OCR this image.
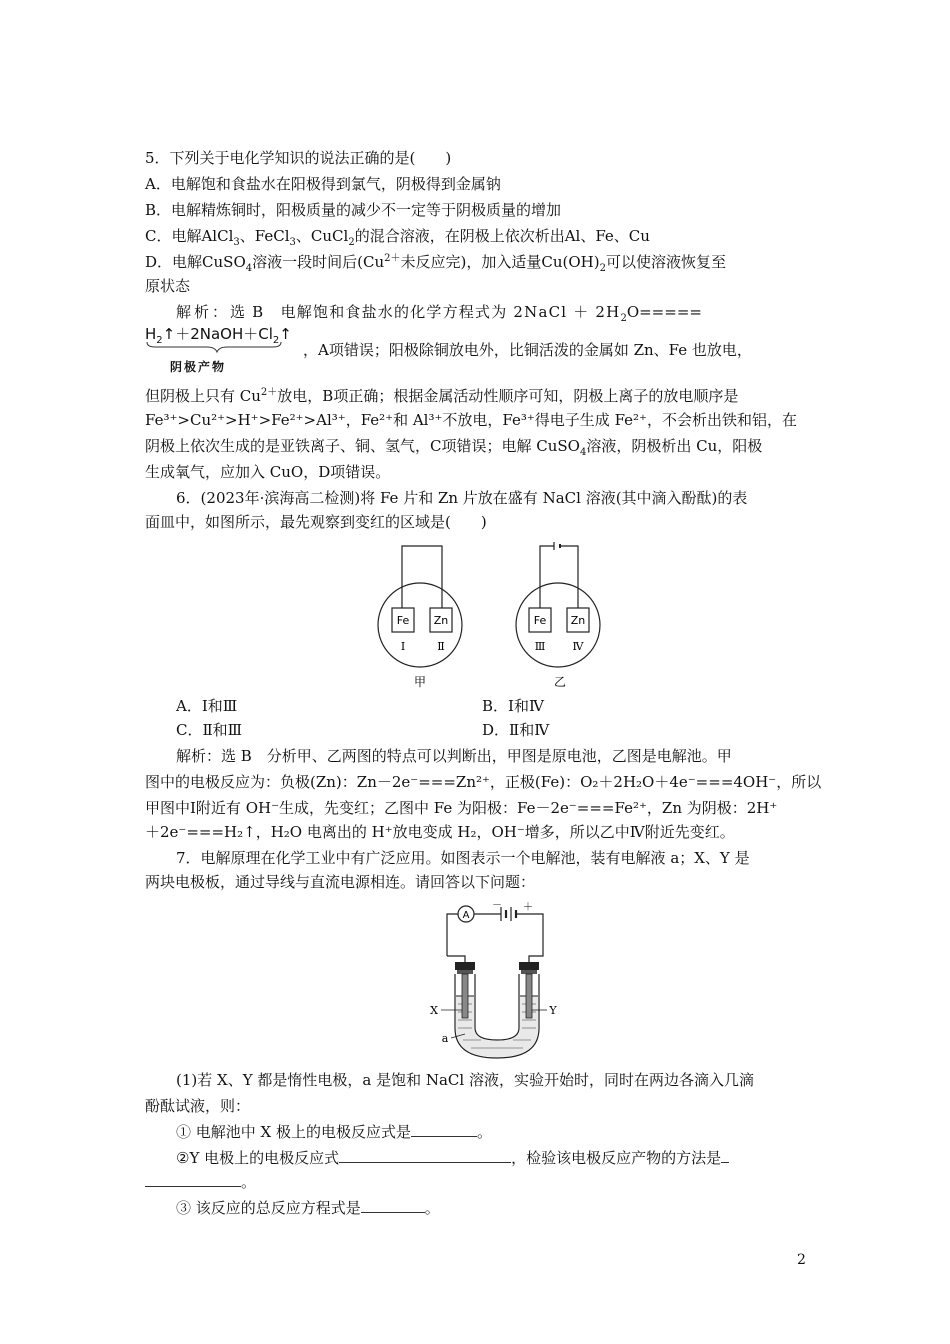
5．下列关于电化学知识的说法正确的是(　　)
A．电解饱和食盐水在阳极得到氯气，阴极得到金属钠
B．电解精炼铜时，阳极质量的减少不一定等于阴极质量的增加
C．电解AlCl$_3$、FeCl$_3$、CuCl$_2$的混合溶液，在阴极上依次析出Al、Fe、Cu
D．电解CuSO$_4$溶液一段时间后($Cu^{2+}$未反应完)，加入适量$Cu(OH)_2$可以使溶液恢复至
原状态
解析：选 B　电解饱和食盐水的化学方程式为 2NaCl ＋ $2H_2O=====$
$H_2↑+2NaOH+Cl_2↑$
阴极产物
，A项错误；阳极除铜放电外，比铜活泼的金属如 Zn、Fe 也放电，
但阴极上只有 $Cu^{2+}$放电，B项正确；根据金属活动性顺序可知，阴极上离子的放电顺序是
Fe³⁺>Cu²⁺>H⁺>Fe²⁺>Al³⁺，Fe²⁺和 Al³⁺不放电，Fe³⁺得电子生成 Fe²⁺，不会析出铁和铝，在
阴极上依次生成的是亚铁离子、铜、氢气，C项错误；电解 CuSO$_4$溶液，阴极析出 Cu，阳极
生成氧气，应加入 CuO，D项错误。
6．(2023年·滨海高二检测)将 Fe 片和 Zn 片放在盛有 NaCl 溶液(其中滴入酚酞)的表
面皿中，如图所示，最先观察到变红的区域是(　　)
Fe Zn
Ⅰ	Ⅱ
甲
Fe Zn
Ⅲ Ⅳ
乙
A．Ⅰ和Ⅲ	B．Ⅰ和Ⅳ
C．Ⅱ和Ⅲ	D．Ⅱ和Ⅳ
解析：选 B　分析甲、乙两图的特点可以判断出，甲图是原电池，乙图是电解池。甲
图中的电极反应为：负极(Zn)：Zn－2e⁻===Zn²⁺，正极(Fe)：O₂＋2H₂O＋4e⁻===4OH⁻，所以
甲图中Ⅰ附近有 OH⁻生成，先变红；乙图中 Fe 为阳极：Fe－2e⁻===Fe²⁺，Zn 为阴极：2H⁺
＋2e⁻===H₂↑，H₂O 电离出的 H⁺放电变成 H₂，OH⁻增多，所以乙中Ⅳ附近先变红。
7．电解原理在化学工业中有广泛应用。如图表示一个电解池，装有电解液 a；X、Y 是
两块电极板，通过导线与直流电源相连。请回答以下问题：
A
－ ＋
X	Y
a
(1)若 X、Y 都是惰性电极，a 是饱和 NaCl 溶液，实验开始时，同时在两边各滴入几滴
酚酞试液，则：
① 电解池中 X 极上的电极反应式是	。
②Y 电极上的电极反应式	，检验该电极反应产物的方法是
。
③ 该反应的总反应方程式是	。
2
